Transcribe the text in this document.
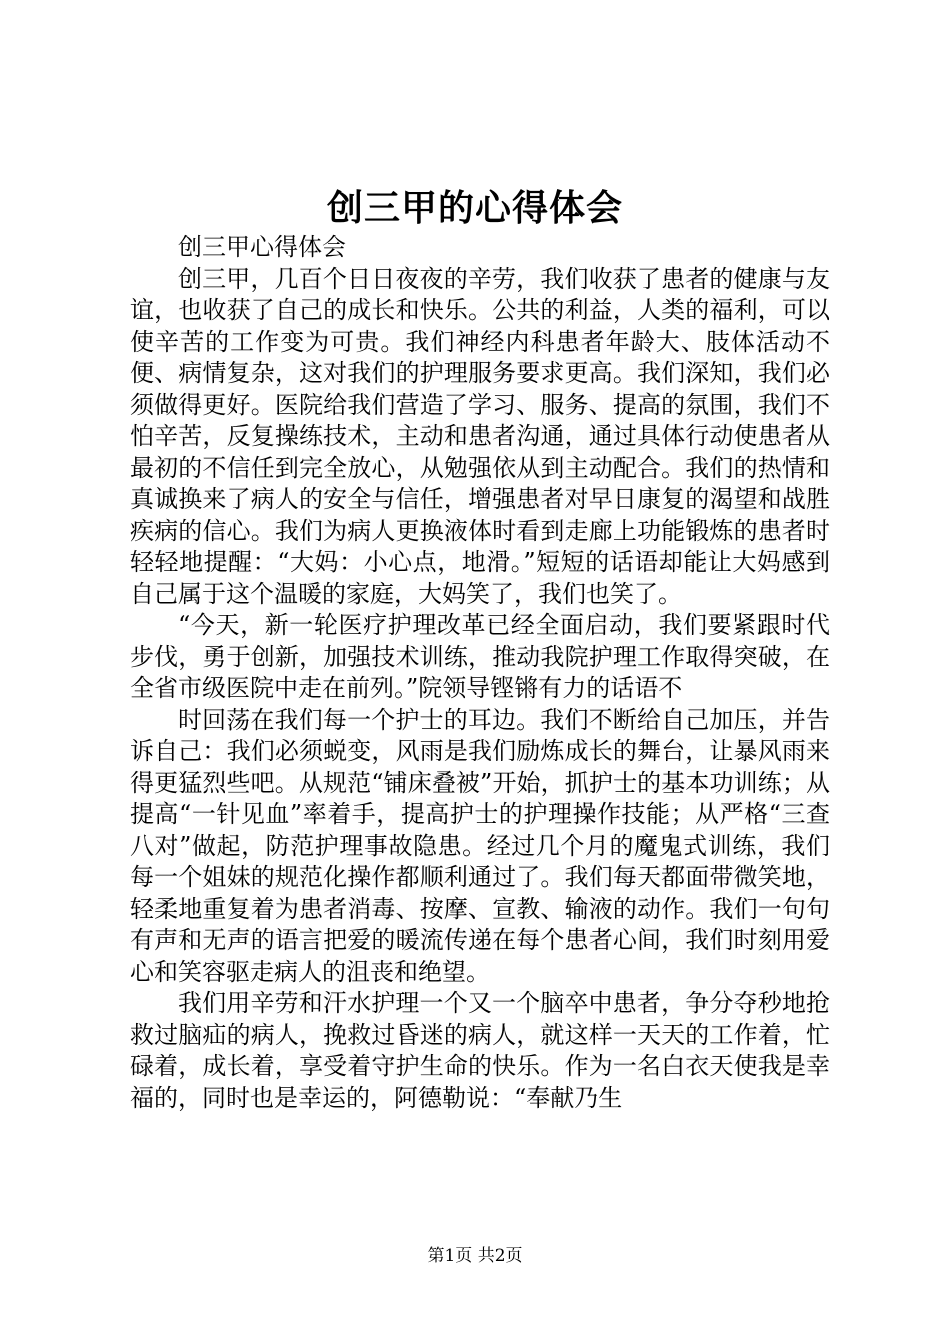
创三甲的心得体会

创三甲心得体会

创三甲，几百个日日夜夜的辛劳，我们收获了患者的健康与友谊，也收获了自己的成长和快乐。公共的利益，人类的福利，可以使辛苦的工作变为可贵。我们神经内科患者年龄大、肢体活动不便、病情复杂，这对我们的护理服务要求更高。我们深知，我们必须做得更好。医院给我们营造了学习、服务、提高的氛围，我们不怕辛苦，反复操练技术，主动和患者沟通，通过具体行动使患者从最初的不信任到完全放心，从勉强依从到主动配合。我们的热情和真诚换来了病人的安全与信任，增强患者对早日康复的渴望和战胜疾病的信心。我们为病人更换液体时看到走廊上功能锻炼的患者时轻轻地提醒：“大妈：小心点，地滑。”短短的话语却能让大妈感到自己属于这个温暖的家庭，大妈笑了，我们也笑了。

“今天，新一轮医疗护理改革已经全面启动，我们要紧跟时代步伐，勇于创新，加强技术训练，推动我院护理工作取得突破，在全省市级医院中走在前列。”院领导铿锵有力的话语不

时回荡在我们每一个护士的耳边。我们不断给自己加压，并告诉自己：我们必须蜕变，风雨是我们励炼成长的舞台，让暴风雨来得更猛烈些吧。从规范“铺床叠被”开始，抓护士的基本功训练；从提高“一针见血”率着手，提高护士的护理操作技能；从严格“三查八对”做起，防范护理事故隐患。经过几个月的魔鬼式训练，我们每一个姐妹的规范化操作都顺利通过了。我们每天都面带微笑地，轻柔地重复着为患者消毒、按摩、宣教、输液的动作。我们一句句有声和无声的语言把爱的暖流传递在每个患者心间，我们时刻用爱心和笑容驱走病人的沮丧和绝望。

我们用辛劳和汗水护理一个又一个脑卒中患者，争分夺秒地抢救过脑疝的病人，挽救过昏迷的病人，就这样一天天的工作着，忙碌着，成长着，享受着守护生命的快乐。作为一名白衣天使我是幸福的，同时也是幸运的，阿德勒说：“奉献乃生

第1页 共2页
